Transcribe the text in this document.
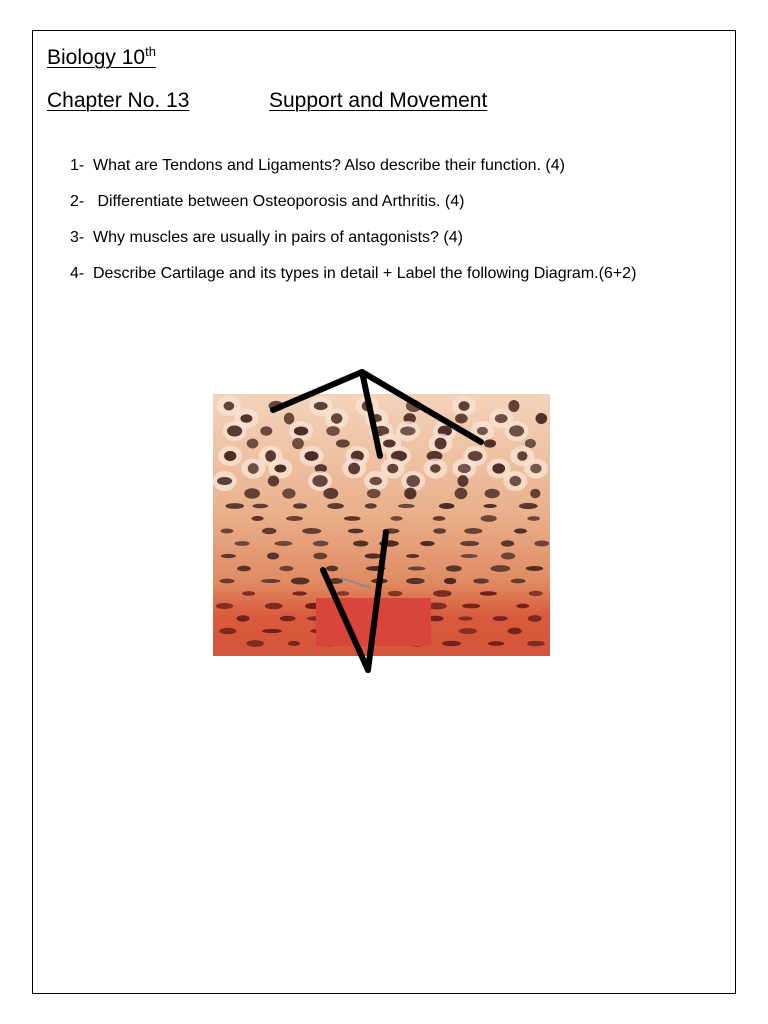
Biology 10th
Chapter No. 13	Support and Movement
1- What are Tendons and Ligaments? Also describe their function. (4)
2- Differentiate between Osteoporosis and Arthritis. (4)
3- Why muscles are usually in pairs of antagonists? (4)
4- Describe Cartilage and its types in detail + Label the following Diagram.(6+2)
